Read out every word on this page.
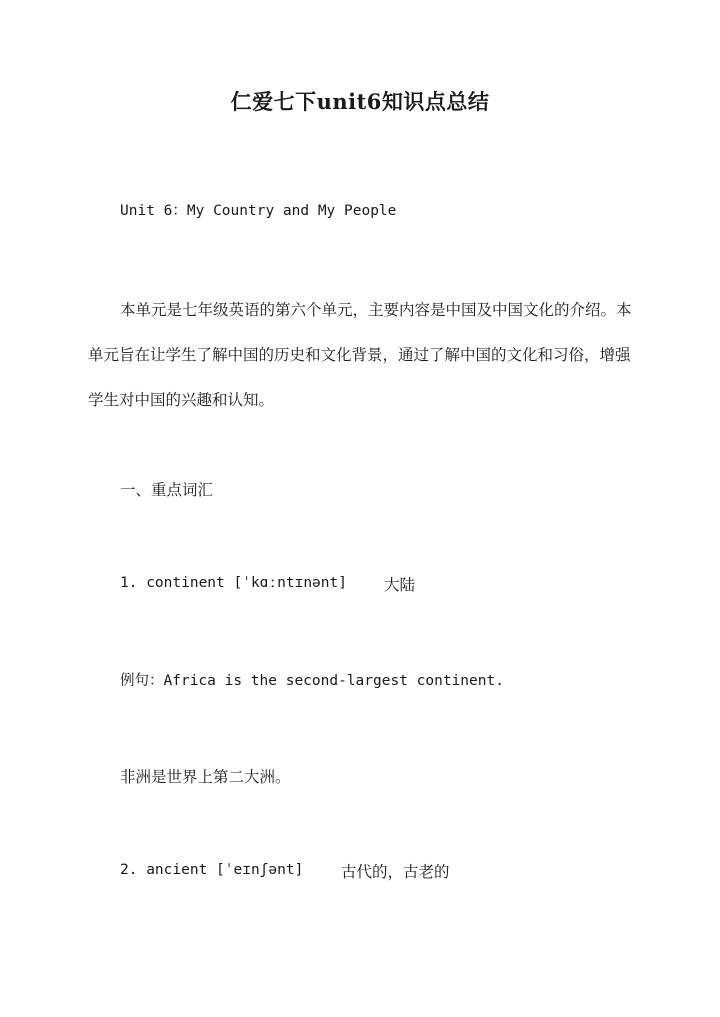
仁爱七下unit6知识点总结
Unit 6：My Country and My People
本单元是七年级英语的第六个单元，主要内容是中国及中国文化的介绍。本单元旨在让学生了解中国的历史和文化背景，通过了解中国的文化和习俗，增强学生对中国的兴趣和认知。
一、重点词汇
1. continent [ˈkɑːntɪnənt] 大陆
例句：Africa is the second-largest continent.
非洲是世界上第二大洲。
2. ancient [ˈeɪnʃənt] 古代的，古老的
